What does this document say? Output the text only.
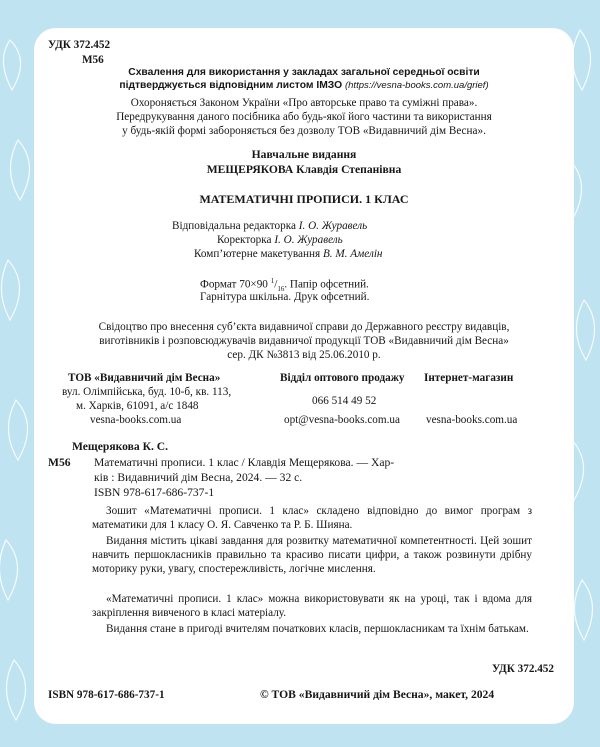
УДК 372.452
М56
Схвалення для використання у закладах загальної середньої освіти
підтверджується відповідним листом ІМЗО (https://vesna-books.com.ua/grief)
Охороняється Законом України «Про авторське право та суміжні права».
Передрукування даного посібника або будь-якої його частини та використання
у будь-якій формі забороняється без дозволу ТОВ «Видавничий дім Весна».
Навчальне видання
МЕЩЕРЯКОВА Клавдія Степанівна
МАТЕМАТИЧНІ ПРОПИСИ. 1 КЛАС
Відповідальна редакторка І. О. Журавель
Коректорка І. О. Журавель
Комп’ютерне макетування В. М. Амелін
Формат 70×90 $^1/_{16}$. Папір офсетний.
Гарнітура шкільна. Друк офсетний.
Свідоцтво про внесення суб’єкта видавничої справи до Державного реєстру видавців,
виготівників і розповсюджувачів видавничої продукції ТОВ «Видавничий дім Весна»
сер. ДК №3813 від 25.06.2010 р.
ТОВ «Видавничий дім Весна»
вул. Олімпійська, буд. 10-б, кв. 113,
м. Харків, 61091, а/с 1848
vesna-books.com.ua
Відділ оптового продажу
066 514 49 52
opt@vesna-books.com.ua
Інтернет-магазин
vesna-books.com.ua
Мещерякова К. С.
М56 Математичні прописи. 1 клас / Клавдія Мещерякова. — Хар-
ків : Видавничий дім Весна, 2024. — 32 с.
ISBN 978-617-686-737-1
Зошит «Математичні прописи. 1 клас» складено відповідно до вимог програм з математики для 1 класу О. Я. Савченко та Р. Б. Шияна.
Видання містить цікаві завдання для розвитку математичної компетентності. Цей зошит навчить першокласників правильно та красиво писати цифри, а також розвинути дрібну моторику руки, увагу, спостережливість, логічне мислення.
«Математичні прописи. 1 клас» можна використовувати як на уроці, так і вдома для закріплення вивченого в класі матеріалу.
Видання стане в пригоді вчителям початкових класів, першокласникам та їхнім батькам.
УДК 372.452
ISBN 978-617-686-737-1	© ТОВ «Видавничий дім Весна», макет, 2024
